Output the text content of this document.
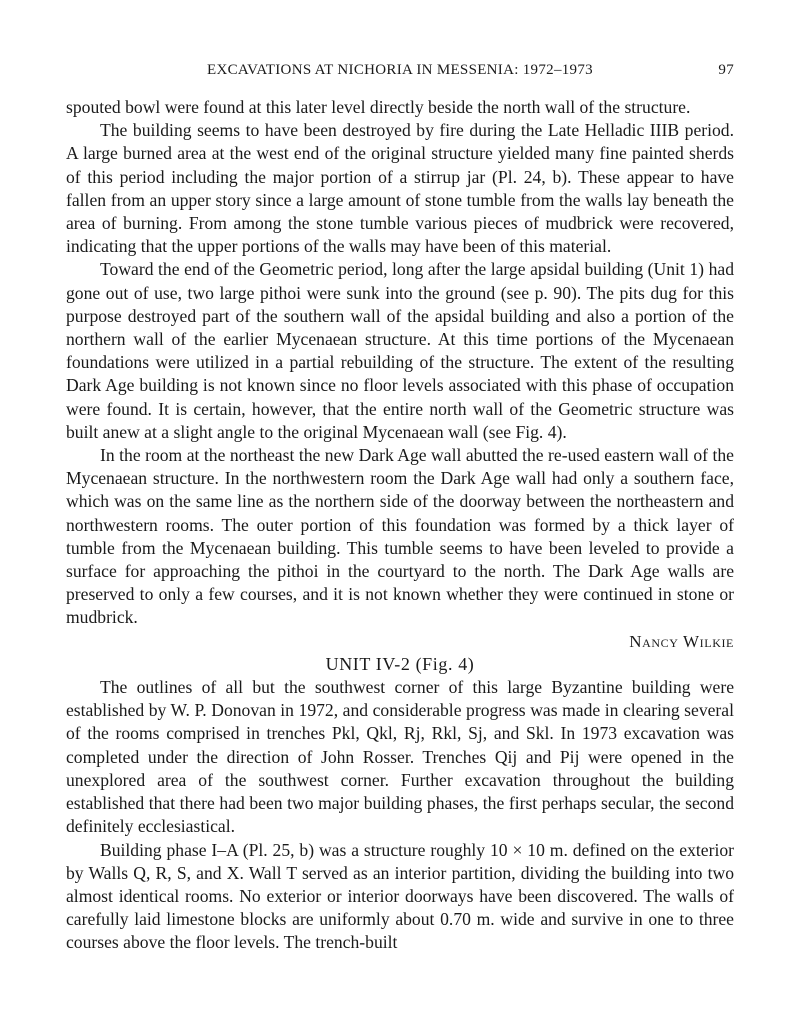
EXCAVATIONS AT NICHORIA IN MESSENIA: 1972–1973	97

spouted bowl were found at this later level directly beside the north wall of the structure.

The building seems to have been destroyed by fire during the Late Helladic IIIB period. A large burned area at the west end of the original structure yielded many fine painted sherds of this period including the major portion of a stirrup jar (Pl. 24, b). These appear to have fallen from an upper story since a large amount of stone tumble from the walls lay beneath the area of burning. From among the stone tumble various pieces of mudbrick were recovered, indicating that the upper portions of the walls may have been of this material.

Toward the end of the Geometric period, long after the large apsidal building (Unit 1) had gone out of use, two large pithoi were sunk into the ground (see p. 90). The pits dug for this purpose destroyed part of the southern wall of the apsidal building and also a portion of the northern wall of the earlier Mycenaean structure. At this time portions of the Mycenaean foundations were utilized in a partial rebuilding of the structure. The extent of the resulting Dark Age building is not known since no floor levels associated with this phase of occupation were found. It is certain, however, that the entire north wall of the Geometric structure was built anew at a slight angle to the original Mycenaean wall (see Fig. 4).

In the room at the northeast the new Dark Age wall abutted the re-used eastern wall of the Mycenaean structure. In the northwestern room the Dark Age wall had only a southern face, which was on the same line as the northern side of the doorway between the northeastern and northwestern rooms. The outer portion of this foundation was formed by a thick layer of tumble from the Mycenaean building. This tumble seems to have been leveled to provide a surface for approaching the pithoi in the courtyard to the north. The Dark Age walls are preserved to only a few courses, and it is not known whether they were continued in stone or mudbrick.

Nancy Wilkie

UNIT IV-2 (Fig. 4)

The outlines of all but the southwest corner of this large Byzantine building were established by W. P. Donovan in 1972, and considerable progress was made in clearing several of the rooms comprised in trenches Pkl, Qkl, Rj, Rkl, Sj, and Skl. In 1973 excavation was completed under the direction of John Rosser. Trenches Qij and Pij were opened in the unexplored area of the southwest corner. Further excavation throughout the building established that there had been two major building phases, the first perhaps secular, the second definitely ecclesiastical.

Building phase I–A (Pl. 25, b) was a structure roughly 10 × 10 m. defined on the exterior by Walls Q, R, S, and X. Wall T served as an interior partition, dividing the building into two almost identical rooms. No exterior or interior doorways have been discovered. The walls of carefully laid limestone blocks are uniformly about 0.70 m. wide and survive in one to three courses above the floor levels. The trench-built
